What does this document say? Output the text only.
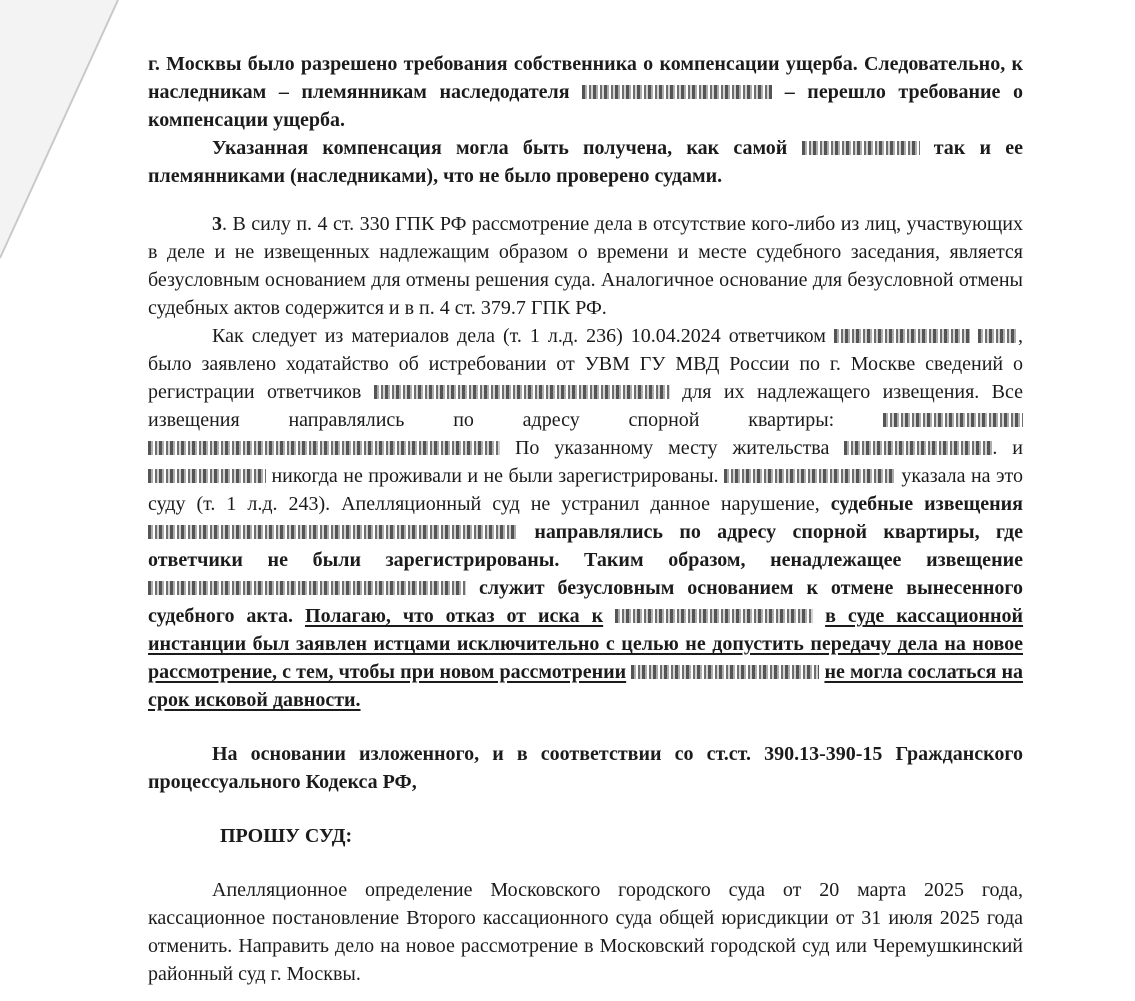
г. Москвы было разрешено требования собственника о компенсации ущерба. Следовательно, к наследникам – племянникам наследодателя	– перешло требование о компенсации ущерба.

Указанная компенсация могла быть получена, как самой	так и ее племянниками (наследниками), что не было проверено судами.

3. В силу п. 4 ст. 330 ГПК РФ рассмотрение дела в отсутствие кого-либо из лиц, участвующих в деле и не извещенных надлежащим образом о времени и месте судебного заседания, является безусловным основанием для отмены решения суда. Аналогичное основание для безусловной отмены судебных актов содержится и в п. 4 ст. 379.7 ГПК РФ.

Как следует из материалов дела (т. 1 л.д. 236) 10.04.2024 ответчиком	, было заявлено ходатайство об истребовании от УВМ ГУ МВД России по г. Москве сведений о регистрации ответчиков	для их надлежащего извещения. Все извещения направлялись по адресу спорной квартиры:   По указанному месту жительства	. и  никогда не проживали и не были зарегистрированы.	указала на это суду (т. 1 л.д. 243). Апелляционный суд не устранил данное нарушение, судебные извещения  направлялись по адресу спорной квартиры, где ответчики не были зарегистрированы. Таким образом, ненадлежащее извещение  служит безусловным основанием к отмене вынесенного судебного акта. Полагаю, что отказ от иска к	в суде кассационной инстанции был заявлен истцами исключительно с целью не допустить передачу дела на новое рассмотрение, с тем, чтобы при новом рассмотрении	не могла сослаться на срок исковой давности.

На основании изложенного, и в соответствии со ст.ст. 390.13-390-15 Гражданского процессуального Кодекса РФ,

ПРОШУ СУД:

Апелляционное определение Московского городского суда от 20 марта 2025 года, кассационное постановление Второго кассационного суда общей юрисдикции от 31 июля 2025 года отменить. Направить дело на новое рассмотрение в Московский городской суд или Черемушкинский районный суд г. Москвы.
